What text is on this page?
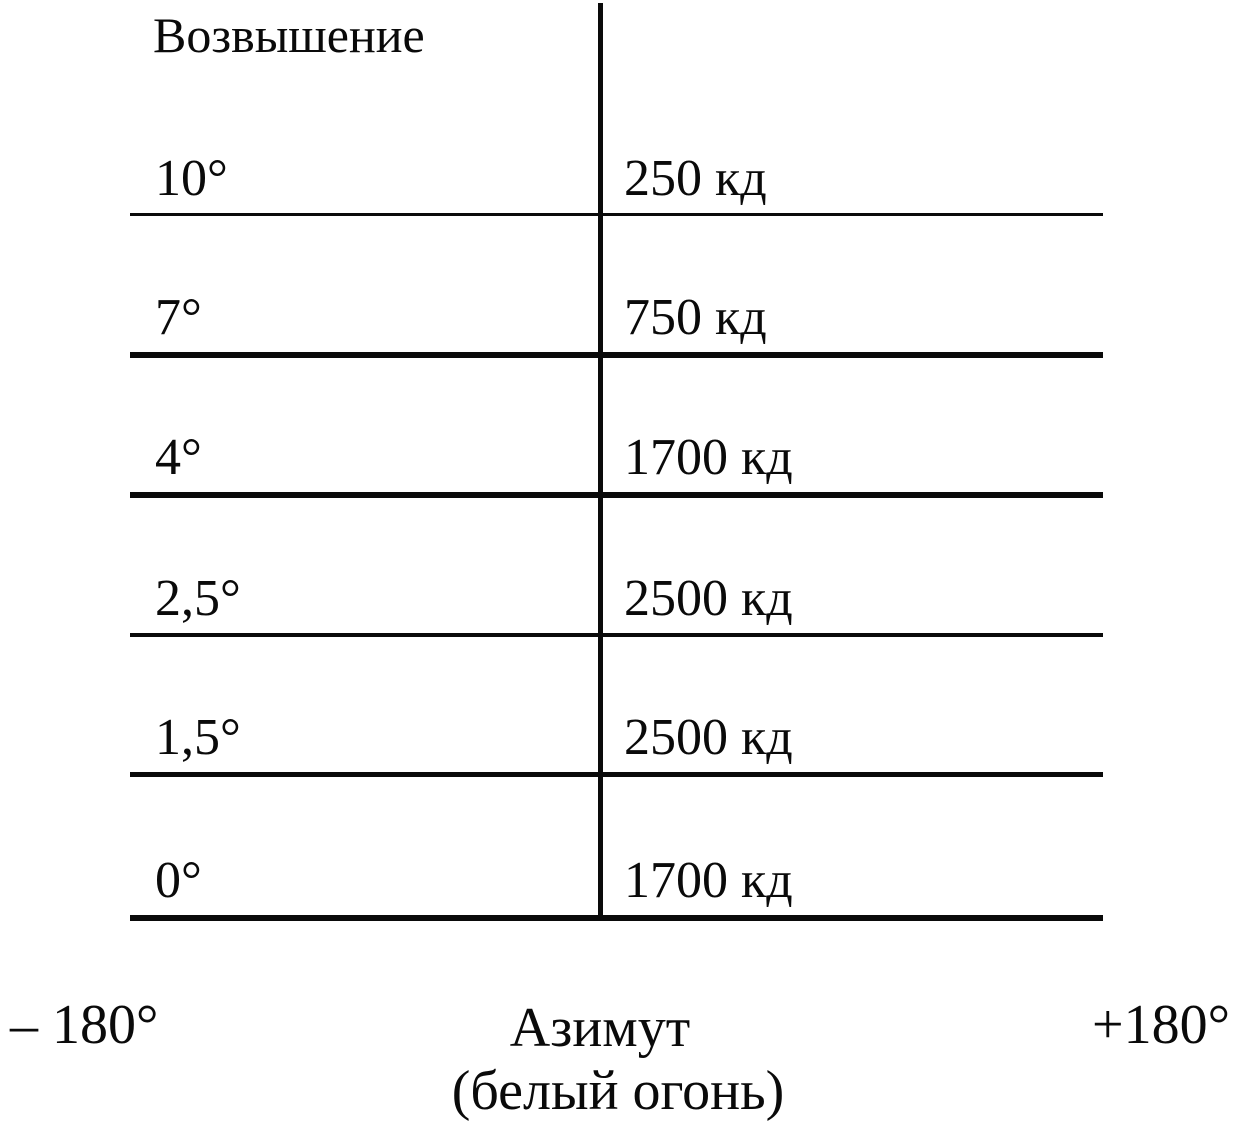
Возвышение
10°	250 кд
7°	750 кд
4°	1700 кд
2,5°	2500 кд
1,5°	2500 кд
0°	1700 кд
– 180°	Азимут
(белый огонь)
+180°
